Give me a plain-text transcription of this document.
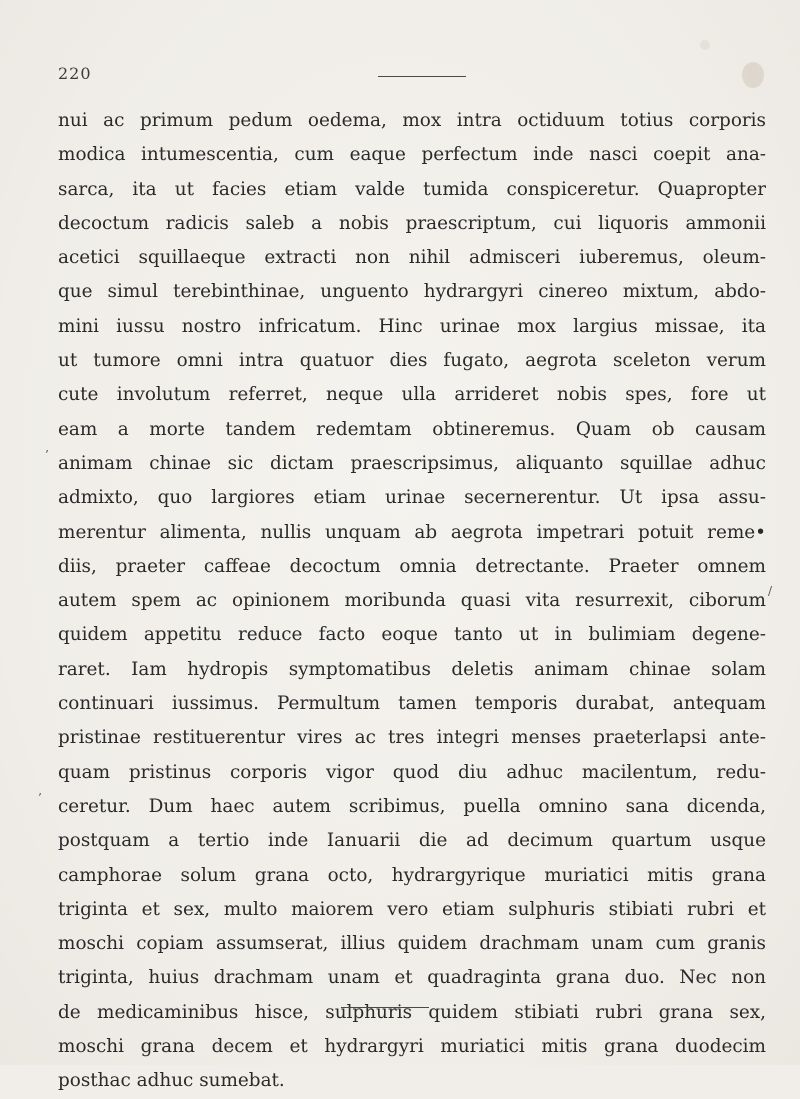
’
/
’
220
nui ac primum pedum oedema, mox intra octiduum totius corporis
modica intumescentia, cum eaque perfectum inde nasci coepit ana-
sarca, ita ut facies etiam valde tumida conspiceretur. Quapropter
decoctum radicis saleb a nobis praescriptum, cui liquoris ammonii
acetici squillaeque extracti non nihil admisceri iuberemus, oleum-
que simul terebinthinae, unguento hydrargyri cinereo mixtum, abdo-
mini iussu nostro infricatum. Hinc urinae mox largius missae, ita
ut tumore omni intra quatuor dies fugato, aegrota sceleton verum
cute involutum referret, neque ulla arrideret nobis spes, fore ut
eam a morte tandem redemtam obtineremus. Quam ob causam
animam chinae sic dictam praescripsimus, aliquanto squillae adhuc
admixto, quo largiores etiam urinae secernerentur. Ut ipsa assu-
merentur alimenta, nullis unquam ab aegrota impetrari potuit reme•
diis, praeter caffeae decoctum omnia detrectante. Praeter omnem
autem spem ac opinionem moribunda quasi vita resurrexit, ciborum
quidem appetitu reduce facto eoque tanto ut in bulimiam degene-
raret. Iam hydropis symptomatibus deletis animam chinae solam
continuari iussimus. Permultum tamen temporis durabat, antequam
pristinae restituerentur vires ac tres integri menses praeterlapsi ante-
quam pristinus corporis vigor quod diu adhuc macilentum, redu-
ceretur. Dum haec autem scribimus, puella omnino sana dicenda,
postquam a tertio inde Ianuarii die ad decimum quartum usque
camphorae solum grana octo, hydrargyrique muriatici mitis grana
triginta et sex, multo maiorem vero etiam sulphuris stibiati rubri et
moschi copiam assumserat, illius quidem drachmam unam cum granis
triginta, huius drachmam unam et quadraginta grana duo. Nec non
de medicaminibus hisce, sulphuris quidem stibiati rubri grana sex,
moschi grana decem et hydrargyri muriatici mitis grana duodecim
posthac adhuc sumebat.
